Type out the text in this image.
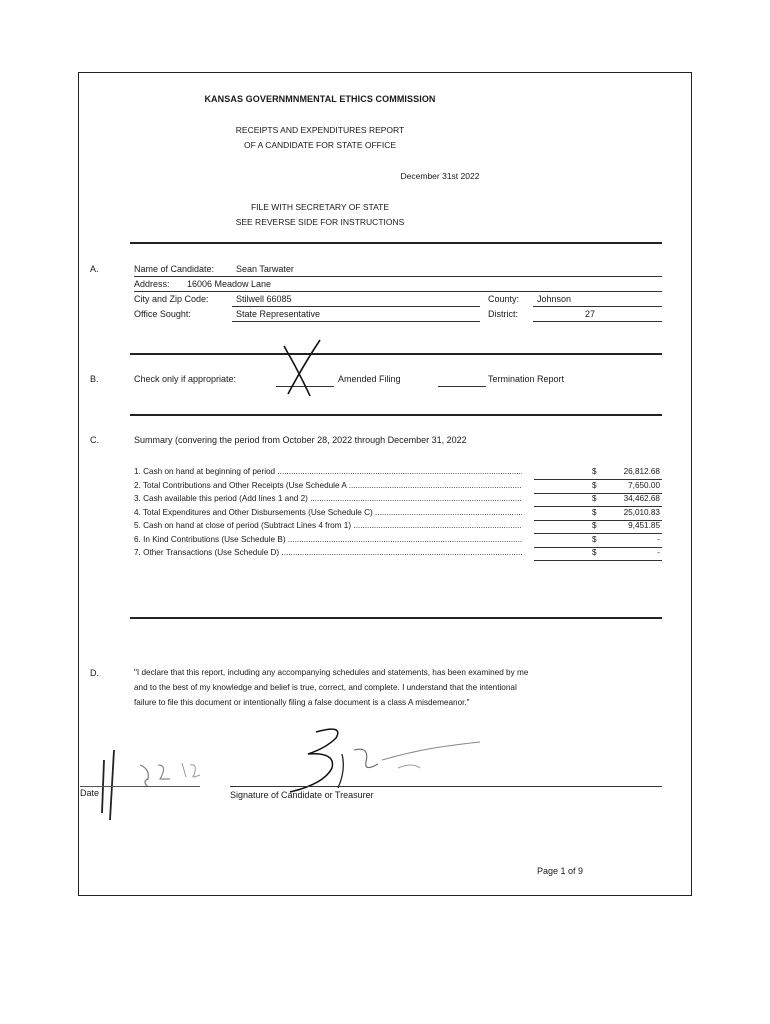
KANSAS GOVERNMNMENTAL ETHICS COMMISSION
RECEIPTS AND EXPENDITURES REPORT
OF A CANDIDATE FOR STATE OFFICE
December 31st 2022
FILE WITH SECRETARY OF STATE
SEE REVERSE SIDE FOR INSTRUCTIONS
A.	Name of Candidate: Sean Tarwater
Address: 16006 Meadow Lane
City and Zip Code:	Stilwell 66085	County: Johnson
Office Sought:	State Representative	District:	27
B.	Check only if appropriate:	Amended Filing	Termination Report
C.	Summary (convering the period from October 28, 2022 through December 31, 2022
1. Cash on hand at beginning of period .....	$	26,812.68
2. Total Contributions and Other Receipts (Use Schedule A .....	$	7,650.00
3. Cash available this period (Add lines 1 and 2) .....	$	34,462.68
4. Total Expenditures and Other Disbursements (Use Schedule C) .....	$	25,010.83
5. Cash on hand at close of period (Subtract Lines 4 from 1) .....	$	9,451.85
6. In Kind Contributions (Use Schedule B) .....	$	-
7. Other Transactions (Use Schedule D) .....	$	-
D.	"I declare that this report, including any accompanying schedules and statements, has been examined by me
and to the best of my knowledge and belief is true, correct, and complete. I understand that the intentional
failure to file this document or intentionally filing a false document is a class A misdemeanor."
Date	Signature of Candidate or Treasurer
Page 1 of 9
